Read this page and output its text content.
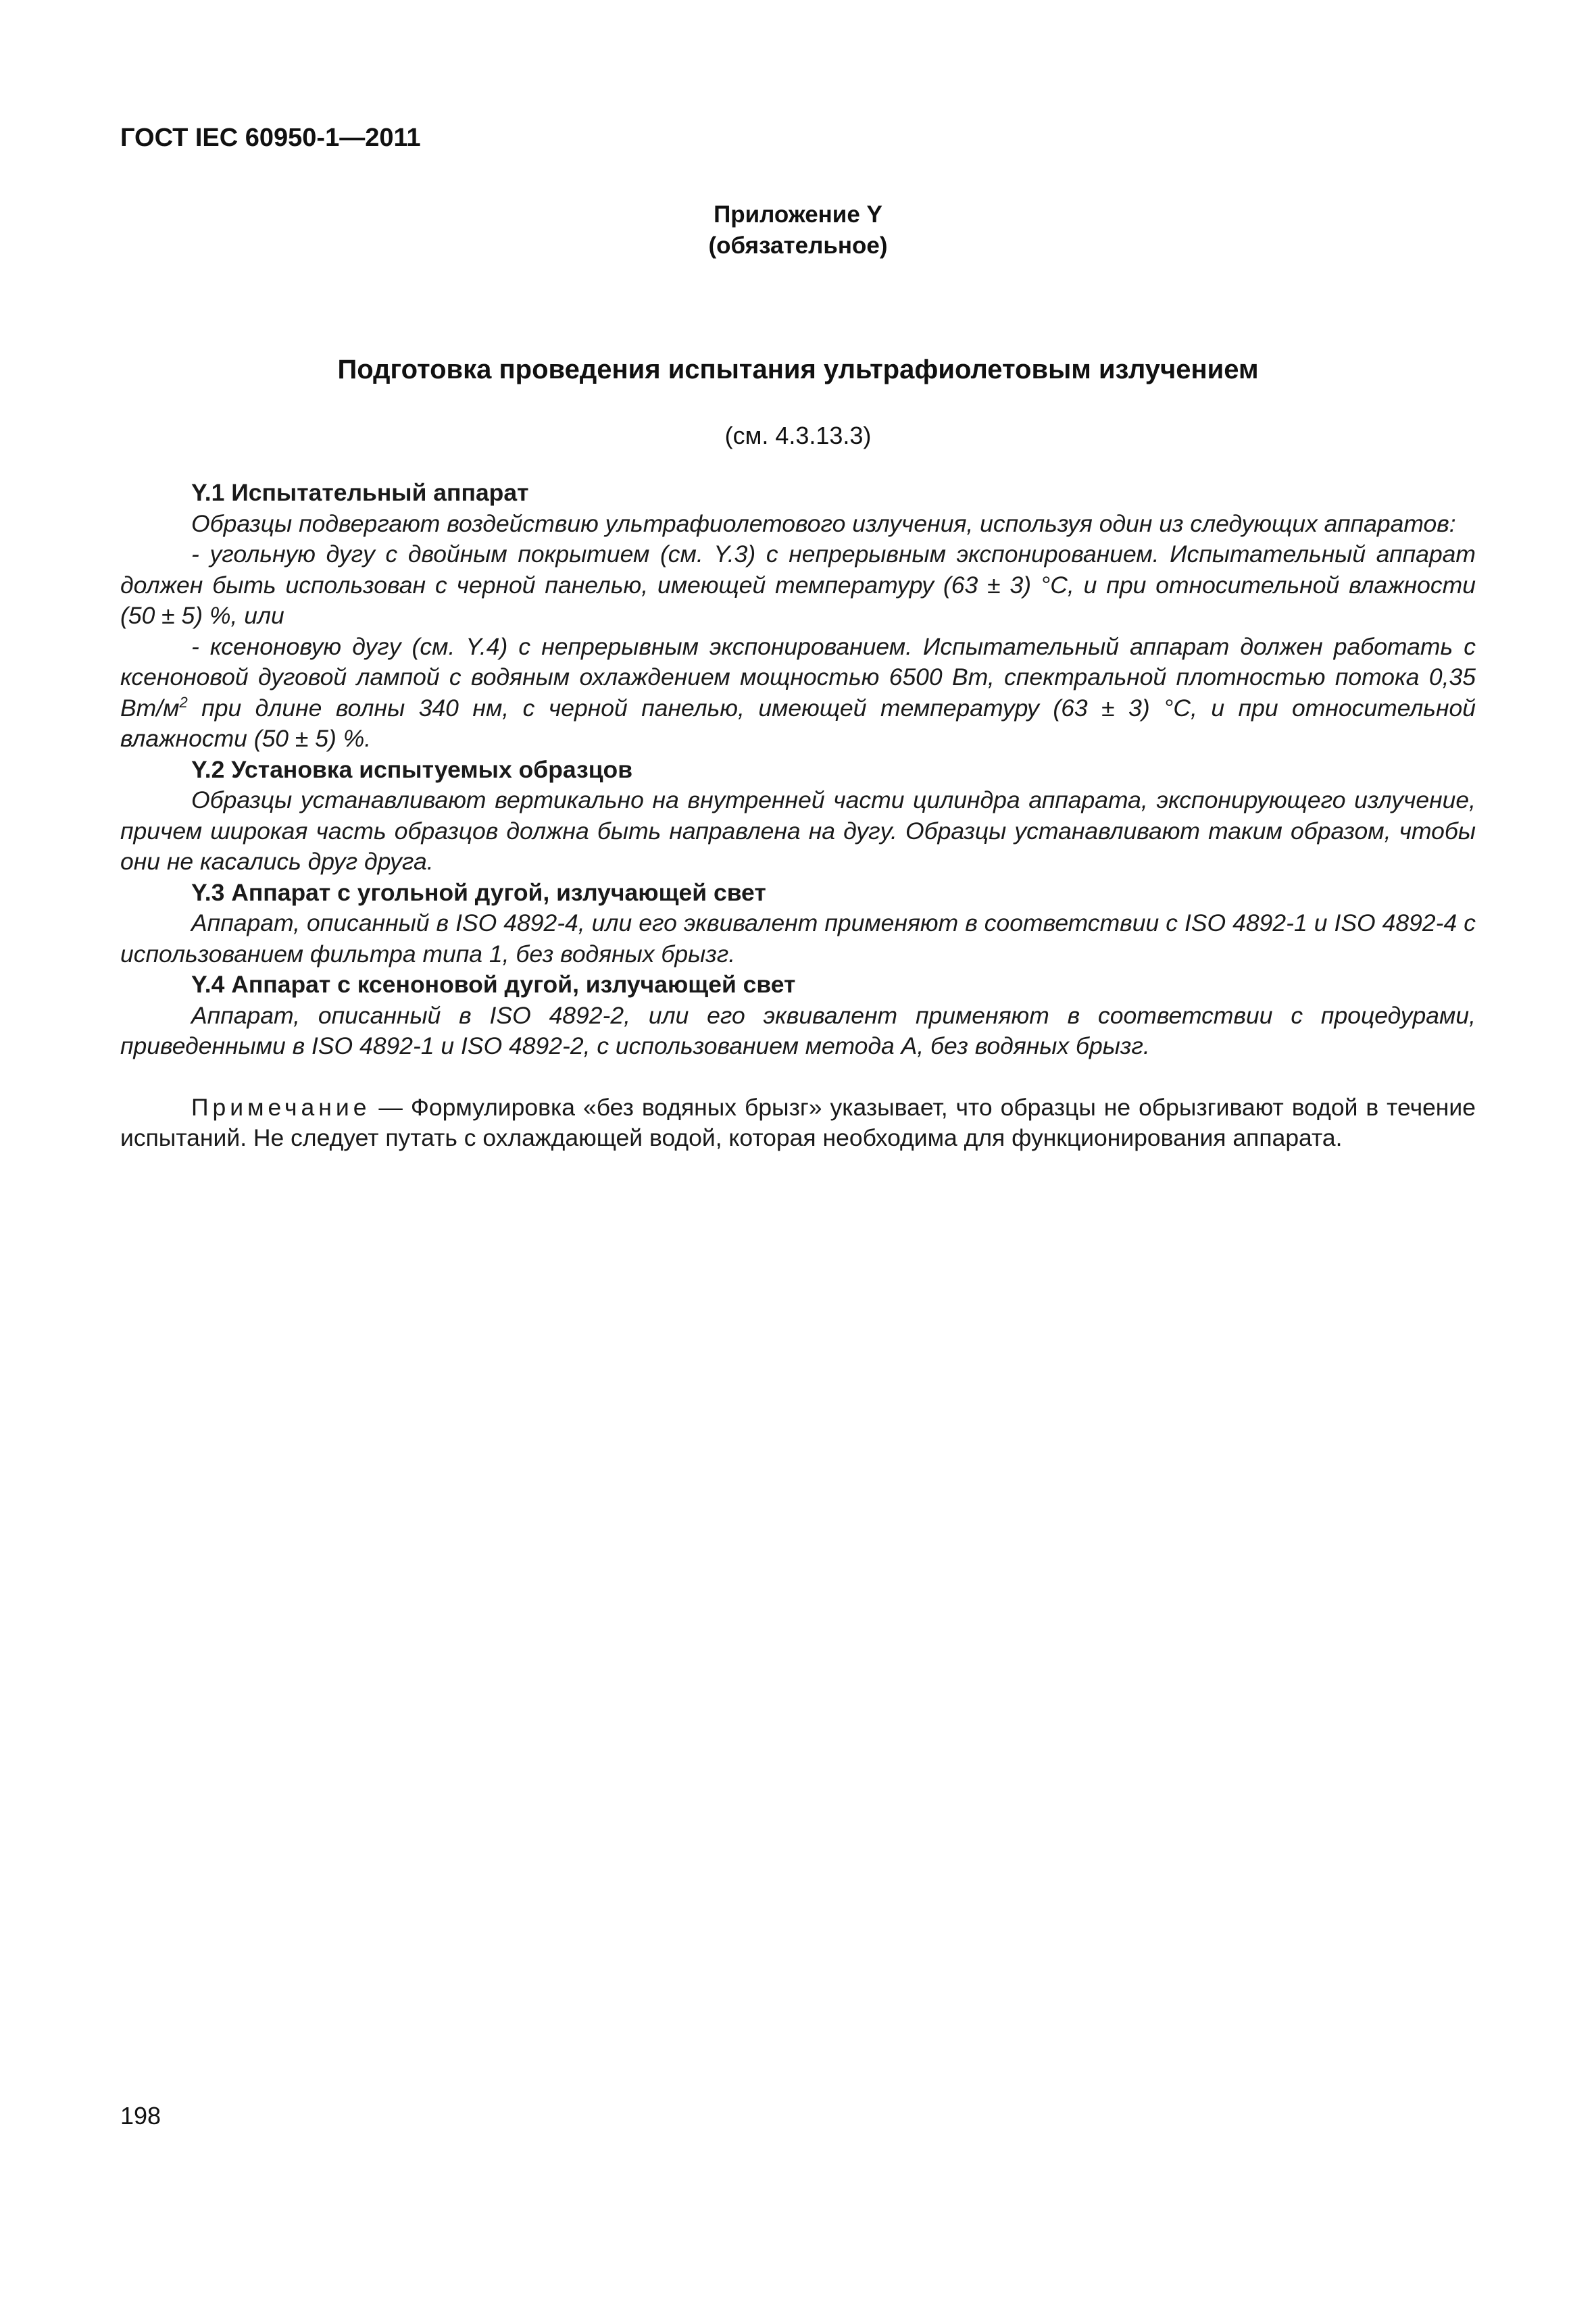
ГОСТ IEC 60950-1—2011
Приложение Y
(обязательное)
Подготовка проведения испытания ультрафиолетовым излучением
(см. 4.3.13.3)

Y.1 Испытательный аппарат

Образцы подвергают воздействию ультрафиолетового излучения, используя один из следующих аппаратов:

- угольную дугу с двойным покрытием (см. Y.3) с непрерывным экспонированием. Испытательный аппарат должен быть использован с черной панелью, имеющей температуру (63 ± 3) °С, и при относительной влажности (50 ± 5) %, или

- ксеноновую дугу (см. Y.4) с непрерывным экспонированием. Испытательный аппарат должен работать с ксеноновой дуговой лампой с водяным охлаждением мощностью 6500 Вт, спектральной плотностью потока 0,35 $Вт/м^2$ при длине волны 340 нм, с черной панелью, имеющей температуру (63 ± 3) °С, и при относительной влажности (50 ± 5) %.

Y.2 Установка испытуемых образцов

Образцы устанавливают вертикально на внутренней части цилиндра аппарата, экспонирующего излучение, причем широкая часть образцов должна быть направлена на дугу. Образцы устанавливают таким образом, чтобы они не касались друг друга.

Y.3 Аппарат с угольной дугой, излучающей свет

Аппарат, описанный в ISO 4892-4, или его эквивалент применяют в соответствии с ISO 4892-1 и ISO 4892-4 с использованием фильтра типа 1, без водяных брызг.

Y.4 Аппарат с ксеноновой дугой, излучающей свет

Аппарат, описанный в ISO 4892-2, или его эквивалент применяют в соответствии с процедурами, приведенными в ISO 4892-1 и ISO 4892-2, с использованием метода А, без водяных брызг.

Примечание — Формулировка «без водяных брызг» указывает, что образцы не обрызгивают водой в течение испытаний. Не следует путать с охлаждающей водой, которая необходима для функционирования аппарата.

198
